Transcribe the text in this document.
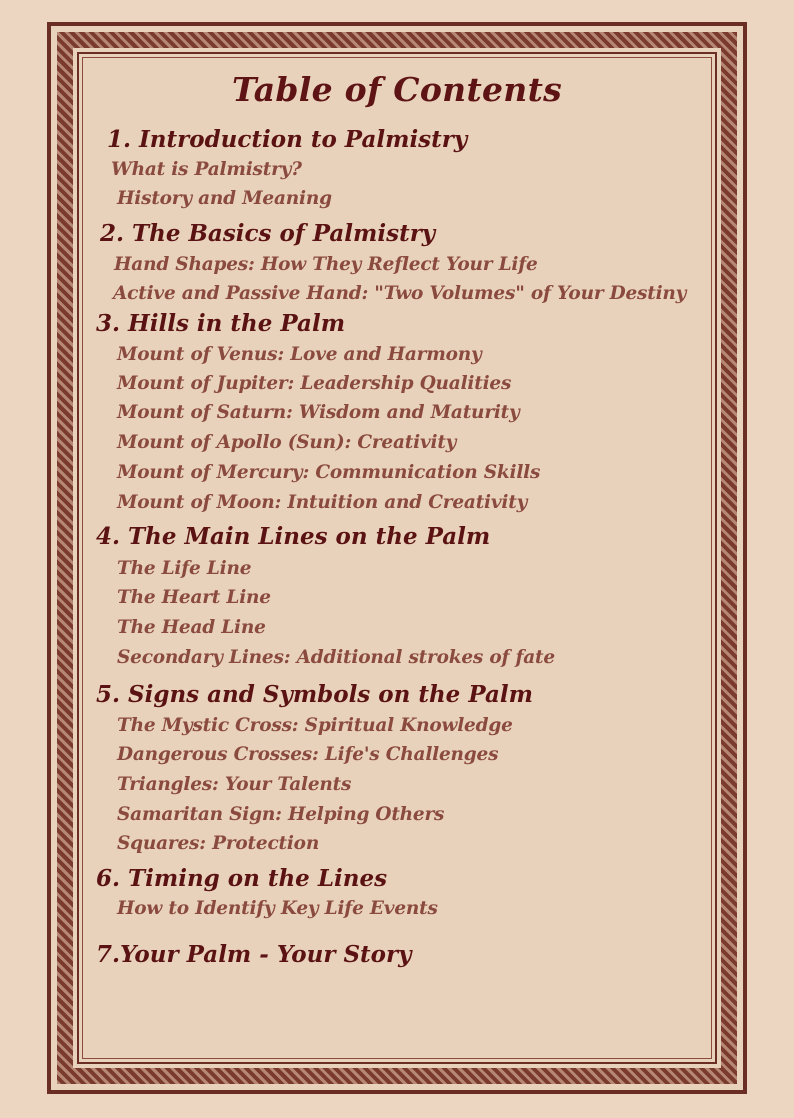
Table of Contents
1. Introduction to Palmistry
What is Palmistry?
History and Meaning
2. The Basics of Palmistry
Hand Shapes: How They Reflect Your Life
Active and Passive Hand: "Two Volumes" of Your Destiny
3. Hills in the Palm
Mount of Venus: Love and Harmony
Mount of Jupiter: Leadership Qualities
Mount of Saturn: Wisdom and Maturity
Mount of Apollo (Sun): Creativity
Mount of Mercury: Communication Skills
Mount of Moon: Intuition and Creativity
4. The Main Lines on the Palm
The Life Line
The Heart Line
The Head Line
Secondary Lines: Additional strokes of fate
5. Signs and Symbols on the Palm
The Mystic Cross: Spiritual Knowledge
Dangerous Crosses: Life's Challenges
Triangles: Your Talents
Samaritan Sign: Helping Others
Squares: Protection
6. Timing on the Lines
How to Identify Key Life Events
7.Your Palm - Your Story
